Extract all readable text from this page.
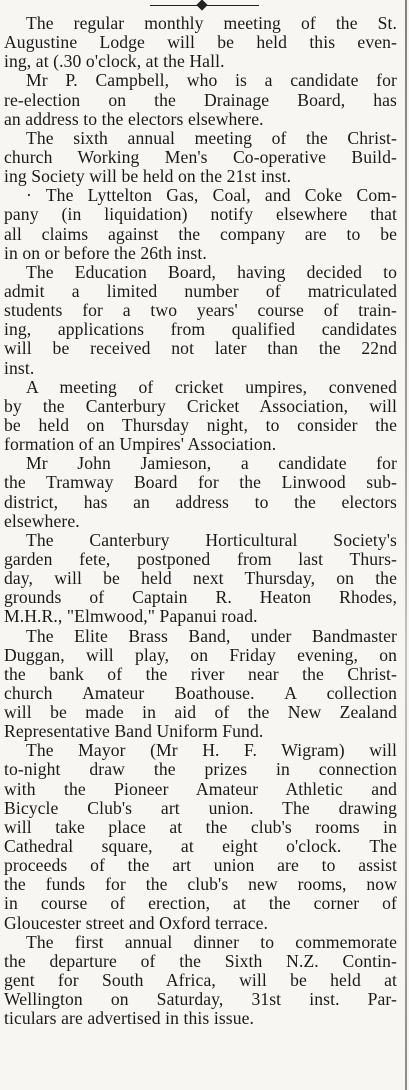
The regular monthly meeting of the St.
Augustine Lodge will be held this even-
ing, at (.30 o'clock, at the Hall.
Mr P. Campbell, who is a candidate for
re-election on the Drainage Board, has
an address to the electors elsewhere.
The sixth annual meeting of the Christ-
church Working Men's Co-operative Build-
ing Society will be held on the 21st inst.
· The Lyttelton Gas, Coal, and Coke Com-
pany (in liquidation) notify elsewhere that
all claims against the company are to be
in on or before the 26th inst.
The Education Board, having decided to
admit a limited number of matriculated
students for a two years' course of train-
ing, applications from qualified candidates
will be received not later than the 22nd
inst.
A meeting of cricket umpires, convened
by the Canterbury Cricket Association, will
be held on Thursday night, to consider the
formation of an Umpires' Association.
Mr John Jamieson, a candidate for
the Tramway Board for the Linwood sub-
district, has an address to the electors
elsewhere.
The Canterbury Horticultural Society's
garden fete, postponed from last Thurs-
day, will be held next Thursday, on the
grounds of Captain R. Heaton Rhodes,
M.H.R., "Elmwood," Papanui road.
The Elite Brass Band, under Bandmaster
Duggan, will play, on Friday evening, on
the bank of the river near the Christ-
church Amateur Boathouse. A collection
will be made in aid of the New Zealand
Representative Band Uniform Fund.
The Mayor (Mr H. F. Wigram) will
to-night draw the prizes in connection
with the Pioneer Amateur Athletic and
Bicycle Club's art union. The drawing
will take place at the club's rooms in
Cathedral square, at eight o'clock. The
proceeds of the art union are to assist
the funds for the club's new rooms, now
in course of erection, at the corner of
Gloucester street and Oxford terrace.
The first annual dinner to commemorate
the departure of the Sixth N.Z. Contin-
gent for South Africa, will be held at
Wellington on Saturday, 31st inst. Par-
ticulars are advertised in this issue.
